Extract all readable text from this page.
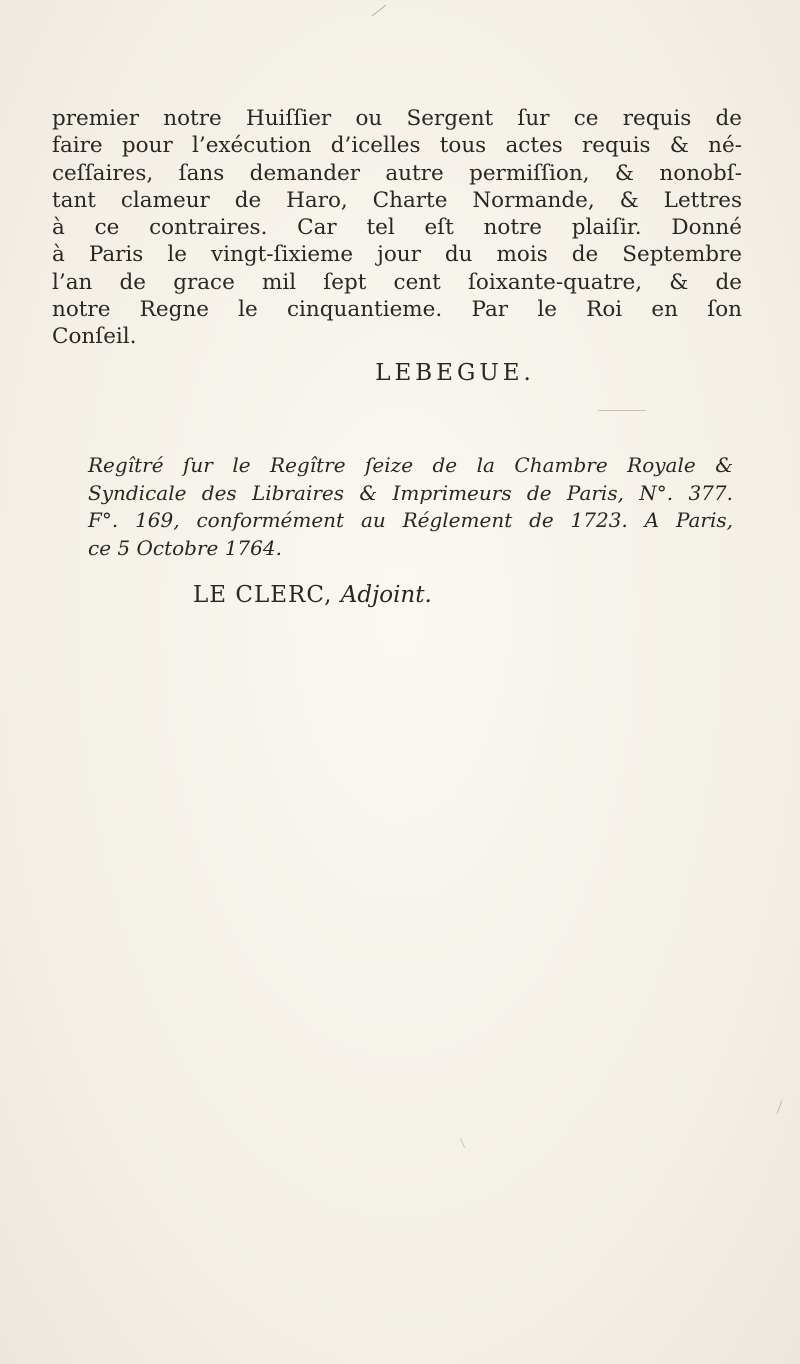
premier notre Huiſſier ou Sergent ſur ce requis de
faire pour l’exécution d’icelles tous actes requis & né-
ceſſaires, ſans demander autre permiſſion, & nonobſ-
tant clameur de Haro, Charte Normande, & Lettres
à ce contraires. Car tel eſt notre plaiſir. Donné
à Paris le vingt-ſixieme jour du mois de Septembre
l’an de grace mil ſept cent ſoixante-quatre, & de
notre Regne le cinquantieme. Par le Roi en ſon
Conſeil.
LEBEGUE.
Regîtré ſur le Regître ſeize de la Chambre Royale &
Syndicale des Libraires & Imprimeurs de Paris, N°. 377.
F°. 169, conformément au Réglement de 1723. A Paris,
ce 5 Octobre 1764.
LE CLERC, Adjoint.
